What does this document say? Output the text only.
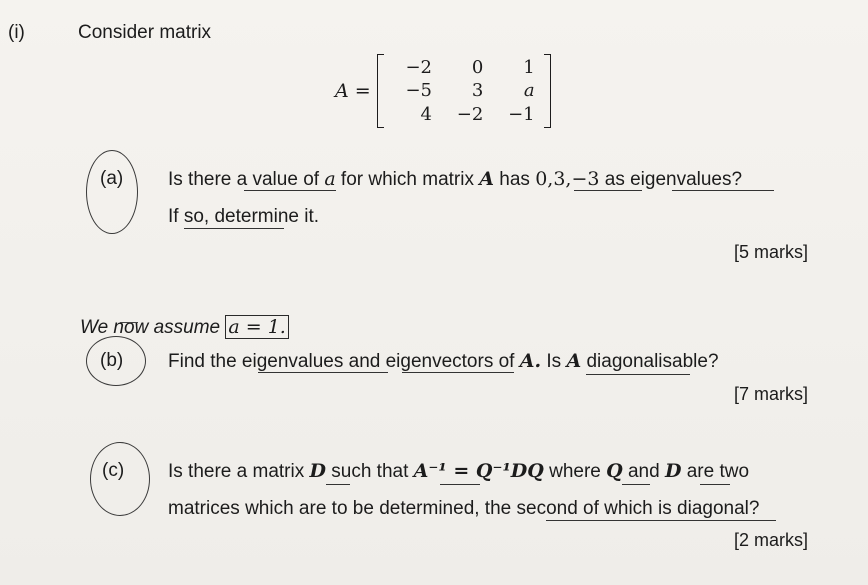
(i)	Consider matrix
A =
−2	0	1
−5	3	a
4	−2	−1
(a) Is there a value of a for which matrix A has 0,3,−3 as eigenvalues?
If so, determine it.
[5 marks]
We now assume a = 1.
(b) Find the eigenvalues and eigenvectors of A. Is A diagonalisable?
[7 marks]
(c) Is there a matrix D such that A⁻¹ = Q⁻¹DQ where Q and D are two
matrices which are to be determined, the second of which is diagonal?
[2 marks]
